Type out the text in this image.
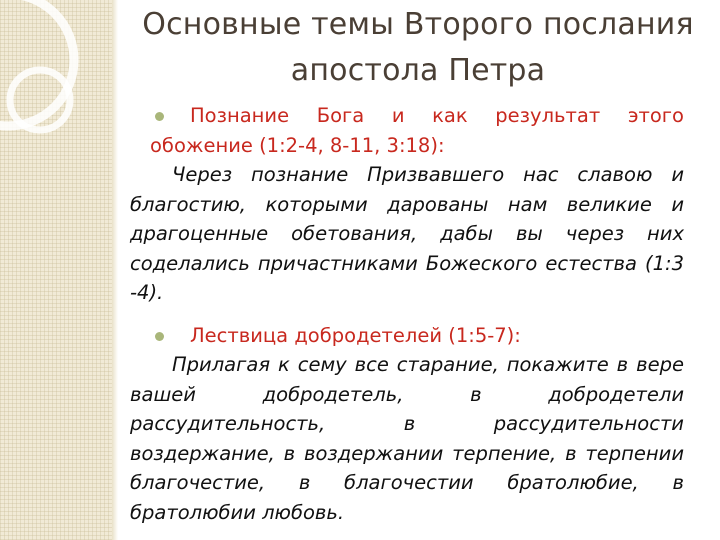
Основные темы Второго послания
апостола Петра
Познание Бога и как результат этого
обожение (1:2-4, 8-11, 3:18):

Через познание Призвавшего нас славою и благостию, которыми дарованы нам великие и драгоценные обетования, дабы вы через них соделались причастниками Божеского естества (1:3 -4).

Лествица добродетелей (1:5-7):

Прилагая к сему все старание, покажите в вере вашей добродетель, в добродетели рассудительность, в рассудительности воздержание, в воздержании терпение, в терпении благочестие, в благочестии братолюбие, в братолюбии любовь.
